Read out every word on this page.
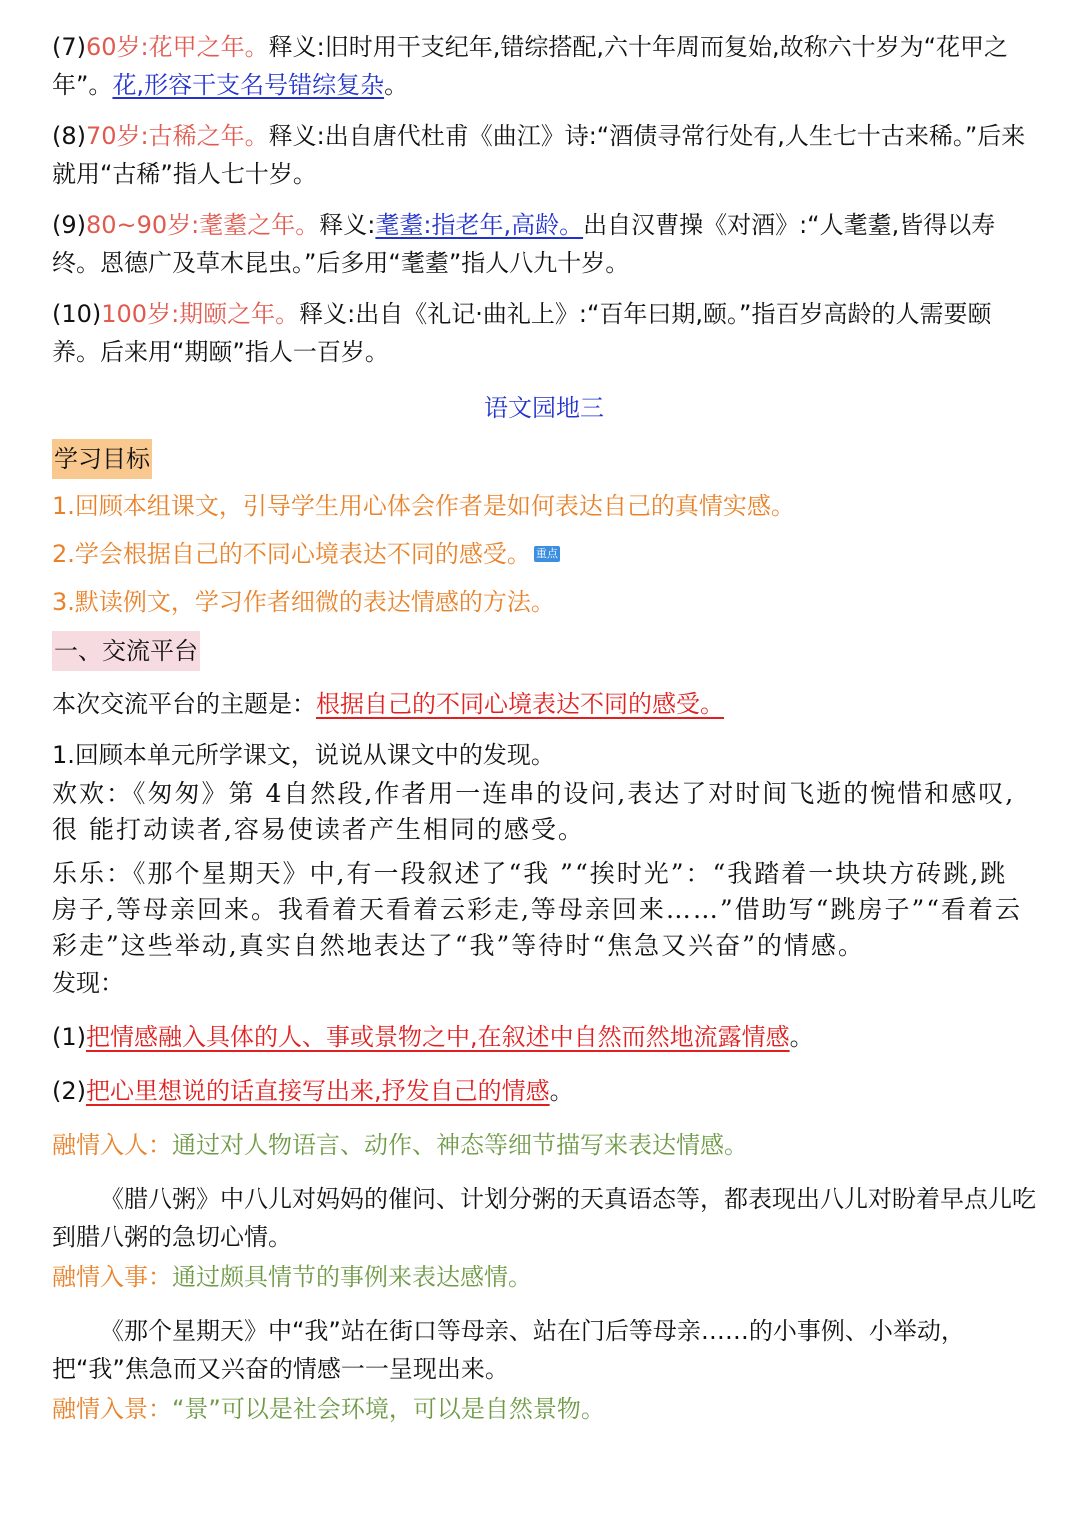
(7)60岁:花甲之年。释义:旧时用干支纪年,错综搭配,六十年周而复始,故称六十岁为“花甲之年”。花,形容干支名号错综复杂。

(8)70岁:古稀之年。释义:出自唐代杜甫《曲江》诗:“酒债寻常行处有,人生七十古来稀。”后来就用“古稀”指人七十岁。

(9)80~90岁:耄耋之年。释义:耄耋:指老年,高龄。出自汉曹操《对酒》:“人耄耋,皆得以寿终。恩德广及草木昆虫。”后多用“耄耋”指人八九十岁。

(10)100岁:期颐之年。释义:出自《礼记·曲礼上》:“百年曰期,颐。”指百岁高龄的人需要颐养。后来用“期颐”指人一百岁。

语文园地三

学习目标

1.回顾本组课文，引导学生用心体会作者是如何表达自己的真情实感。

2.学会根据自己的不同心境表达不同的感受。 重点

3.默读例文，学习作者细微的表达情感的方法。

一、交流平台

本次交流平台的主题是：根据自己的不同心境表达不同的感受。

1.回顾本单元所学课文，说说从课文中的发现。

欢欢：《匆匆》第 4自然段,作者用一连串的设问,表达了对时间飞逝的惋惜和感叹,很 能打动读者,容易使读者产生相同的感受。

乐乐：《那个星期天》中,有一段叙述了“我 ”“挨时光”：“我踏着一块块方砖跳,跳 房子,等母亲回来。我看着天看着云彩走,等母亲回来……”借助写“跳房子”“看着云 彩走”这些举动,真实自然地表达了“我”等待时“焦急又兴奋”的情感。

发现：

(1)把情感融入具体的人、事或景物之中,在叙述中自然而然地流露情感。

(2)把心里想说的话直接写出来,抒发自己的情感。

融情入人：通过对人物语言、动作、神态等细节描写来表达情感。

《腊八粥》中八儿对妈妈的催问、计划分粥的天真语态等，都表现出八儿对盼着早点儿吃到腊八粥的急切心情。

融情入事：通过颇具情节的事例来表达感情。

《那个星期天》中“我”站在街口等母亲、站在门后等母亲……的小事例、小举动， 把“我”焦急而又兴奋的情感一一呈现出来。

融情入景：“景”可以是社会环境，可以是自然景物。
